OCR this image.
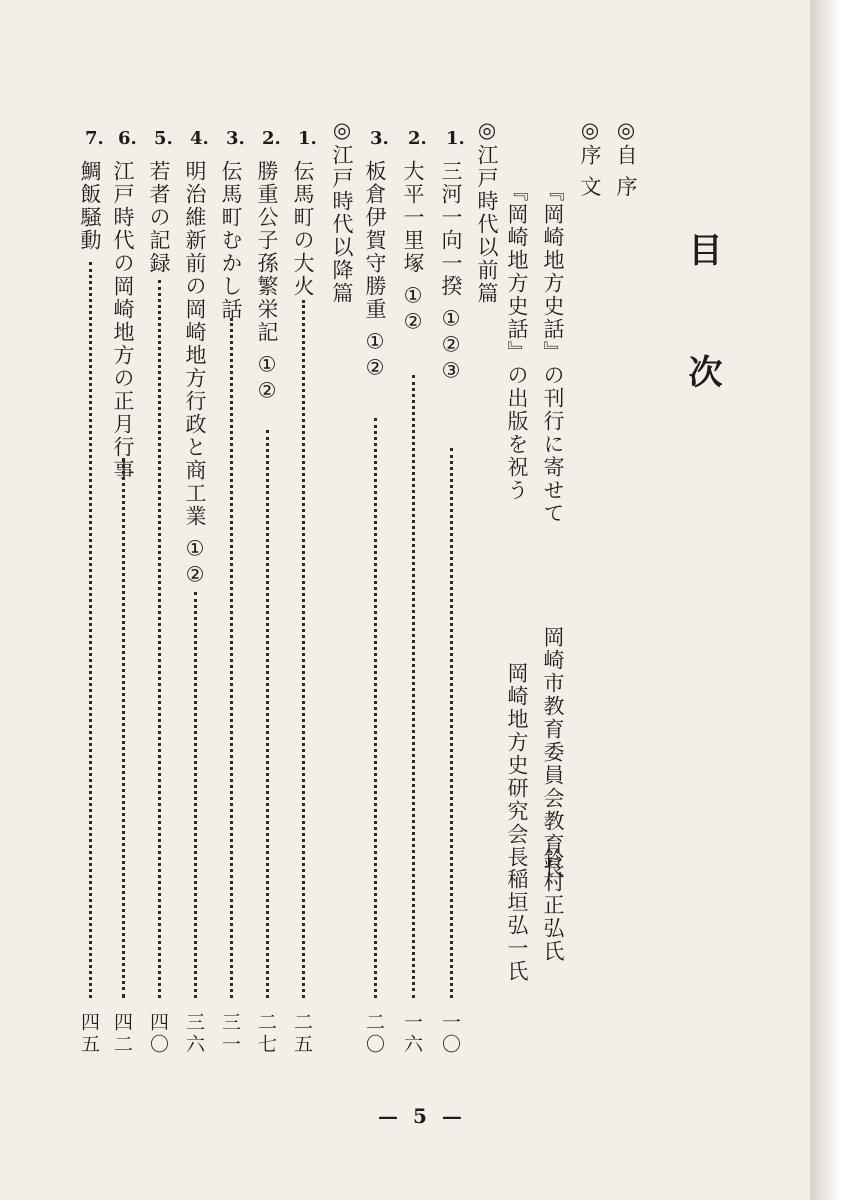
目次
◎自 序
◎序 文
『岡崎地方史話』の刊行に寄せて
岡崎市教育委員会教育長
鈴村正弘氏
『岡崎地方史話』の出版を祝う
岡崎地方史研究会長
稲垣弘一氏
◎江戸時代以前篇
1.
三河一向一揆 ①②③
一〇
2.
大平一里塚 ①②
一六
3.
板倉伊賀守勝重 ①②
二〇
◎江戸時代以降篇
1.
伝馬町の大火
二五
2.
勝重公子孫繁栄記 ①②
二七
3.
伝馬町むかし話
三一
4.
明治維新前の岡崎地方行政と商工業 ①②
三六
5.
若者の記録
四〇
6.
江戸時代の岡崎地方の正月行事
四二
7.
鯛飯騒動
四五
— 5 —
